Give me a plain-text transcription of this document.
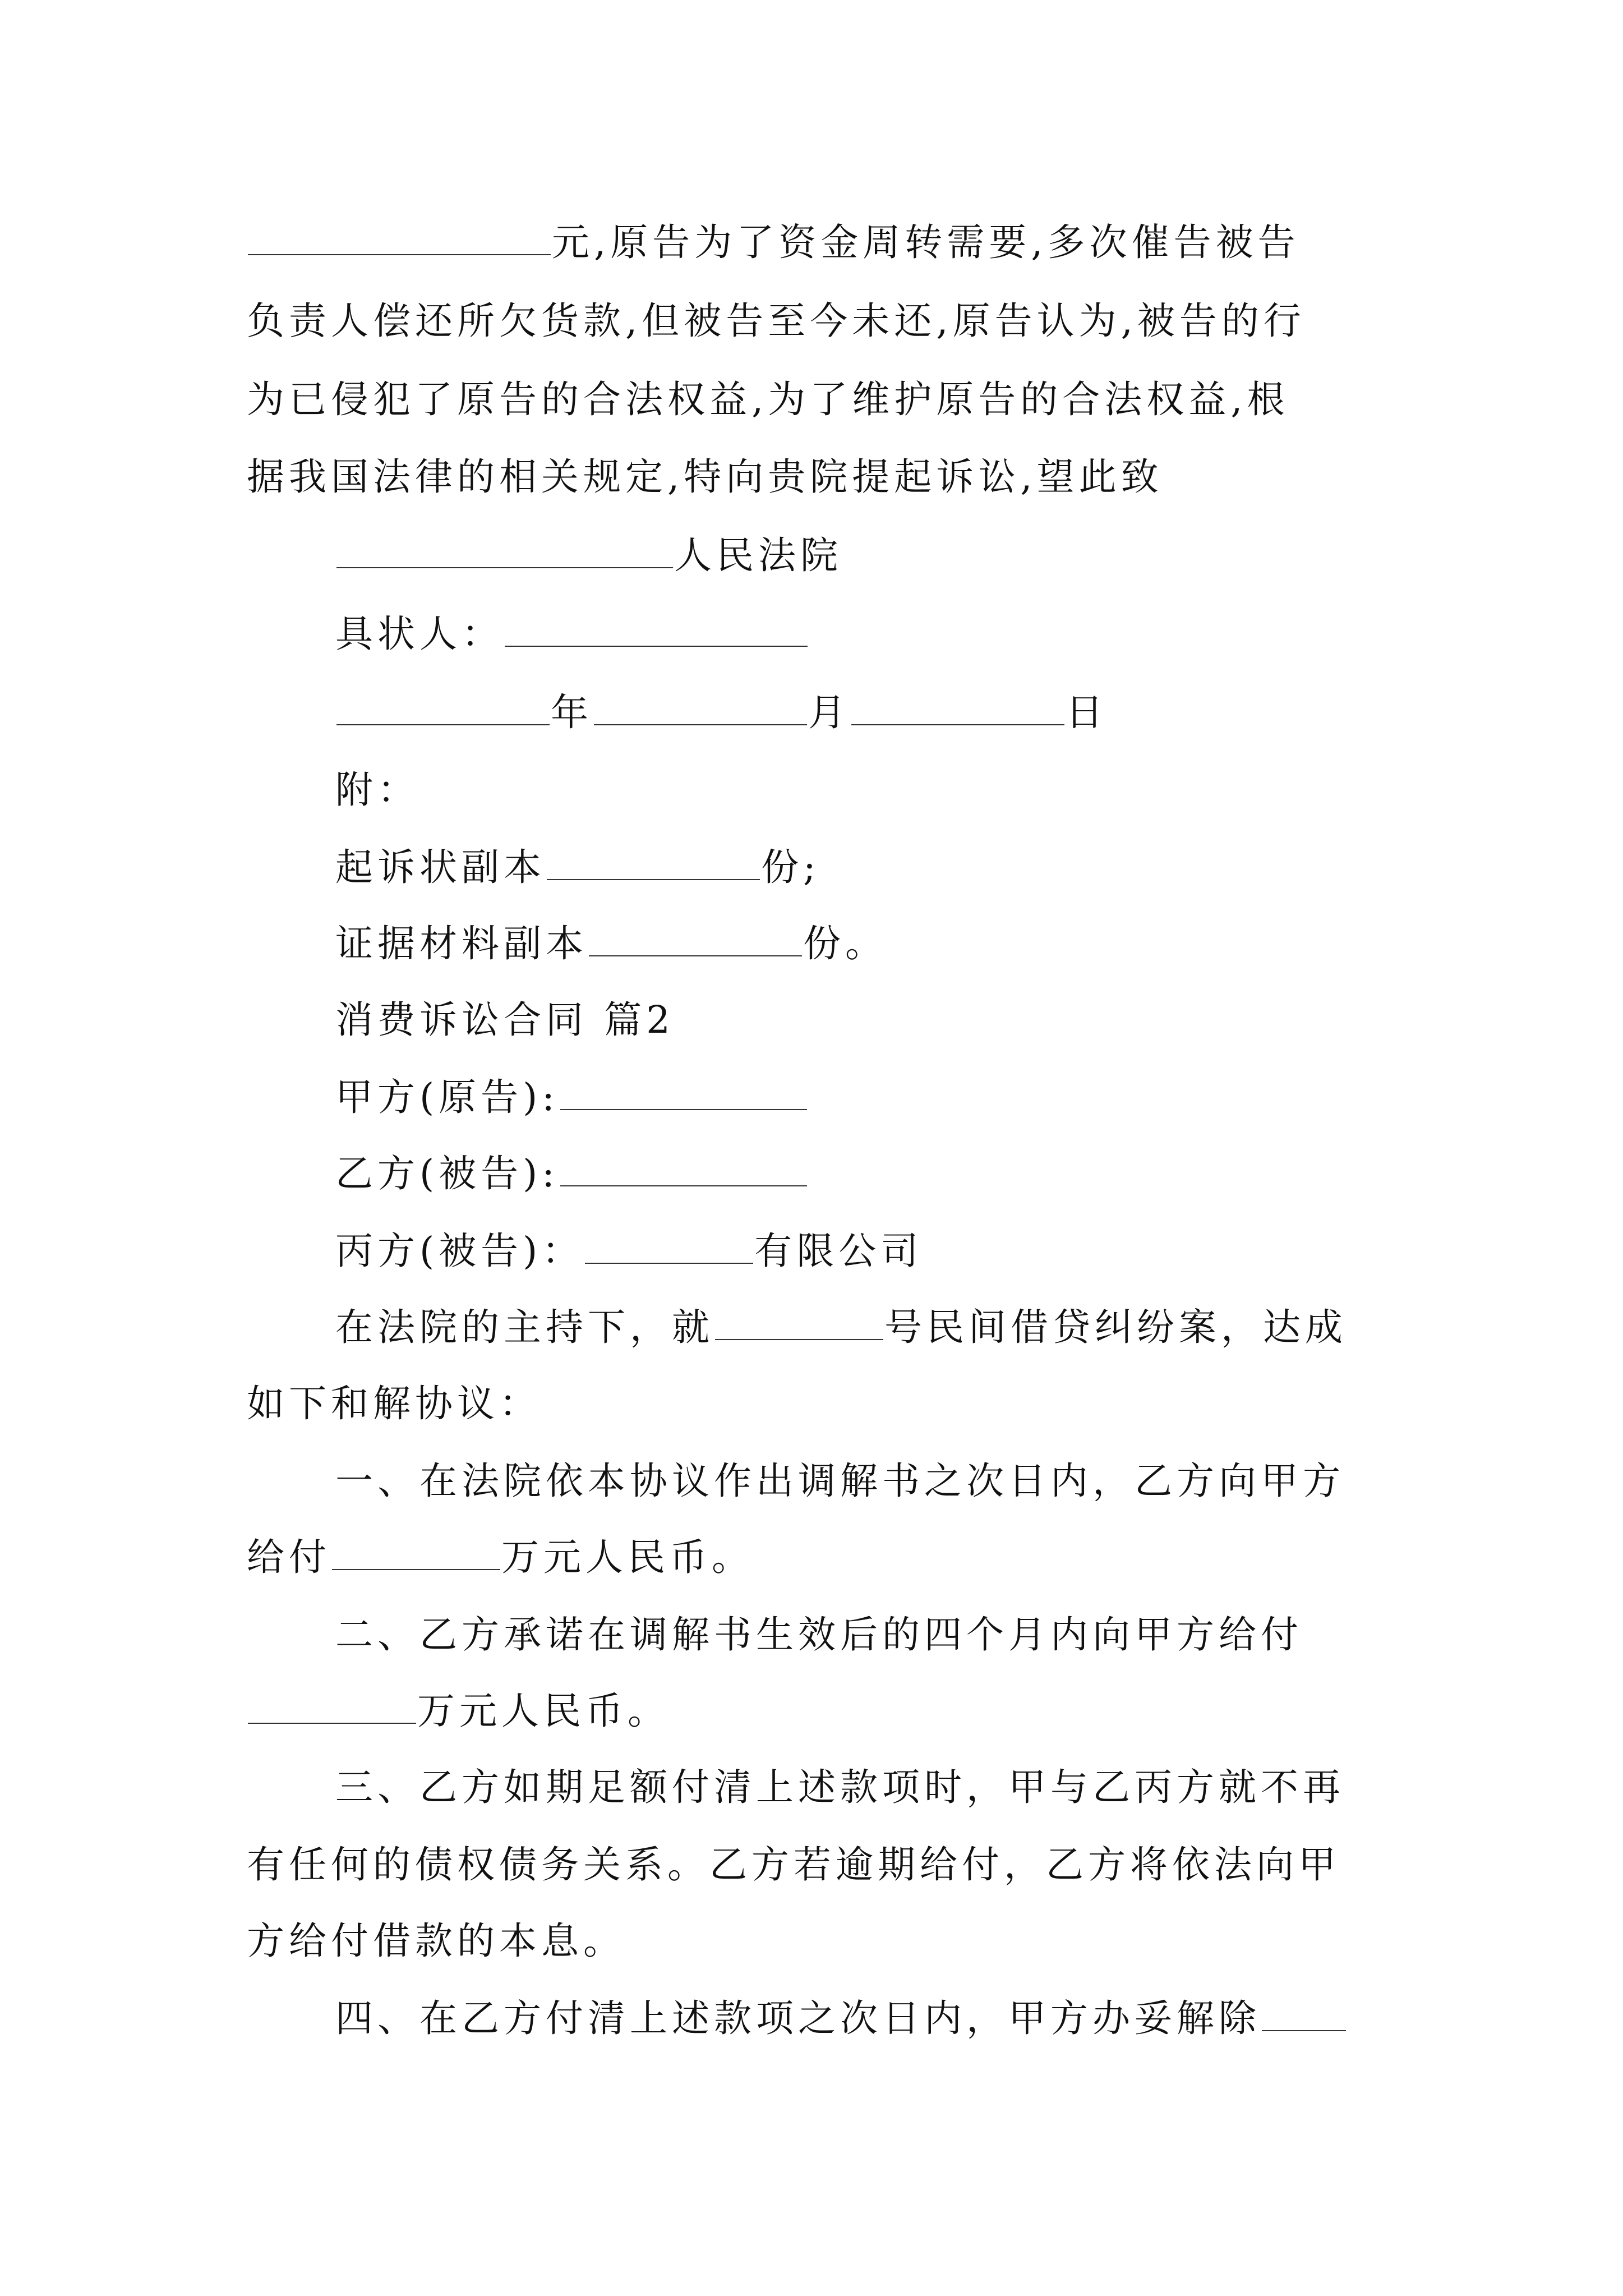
元,原告为了资金周转需要,多次催告被告
负责人偿还所欠货款,但被告至今未还,原告认为,被告的行
为已侵犯了原告的合法权益,为了维护原告的合法权益,根
据我国法律的相关规定,特向贵院提起诉讼,望此致
人民法院
具状人：
年	月	日
附：
起诉状副本	份;
证据材料副本	份。
消费诉讼合同 篇2
甲方(原告):
乙方(被告):
丙方(被告)：	有限公司
在法院的主持下，就	号民间借贷纠纷案，达成
如下和解协议：
一、在法院依本协议作出调解书之次日内，乙方向甲方
给付	万元人民币。
二、乙方承诺在调解书生效后的四个月内向甲方给付
万元人民币。
三、乙方如期足额付清上述款项时，甲与乙丙方就不再
有任何的债权债务关系。乙方若逾期给付，乙方将依法向甲
方给付借款的本息。
四、在乙方付清上述款项之次日内，甲方办妥解除
